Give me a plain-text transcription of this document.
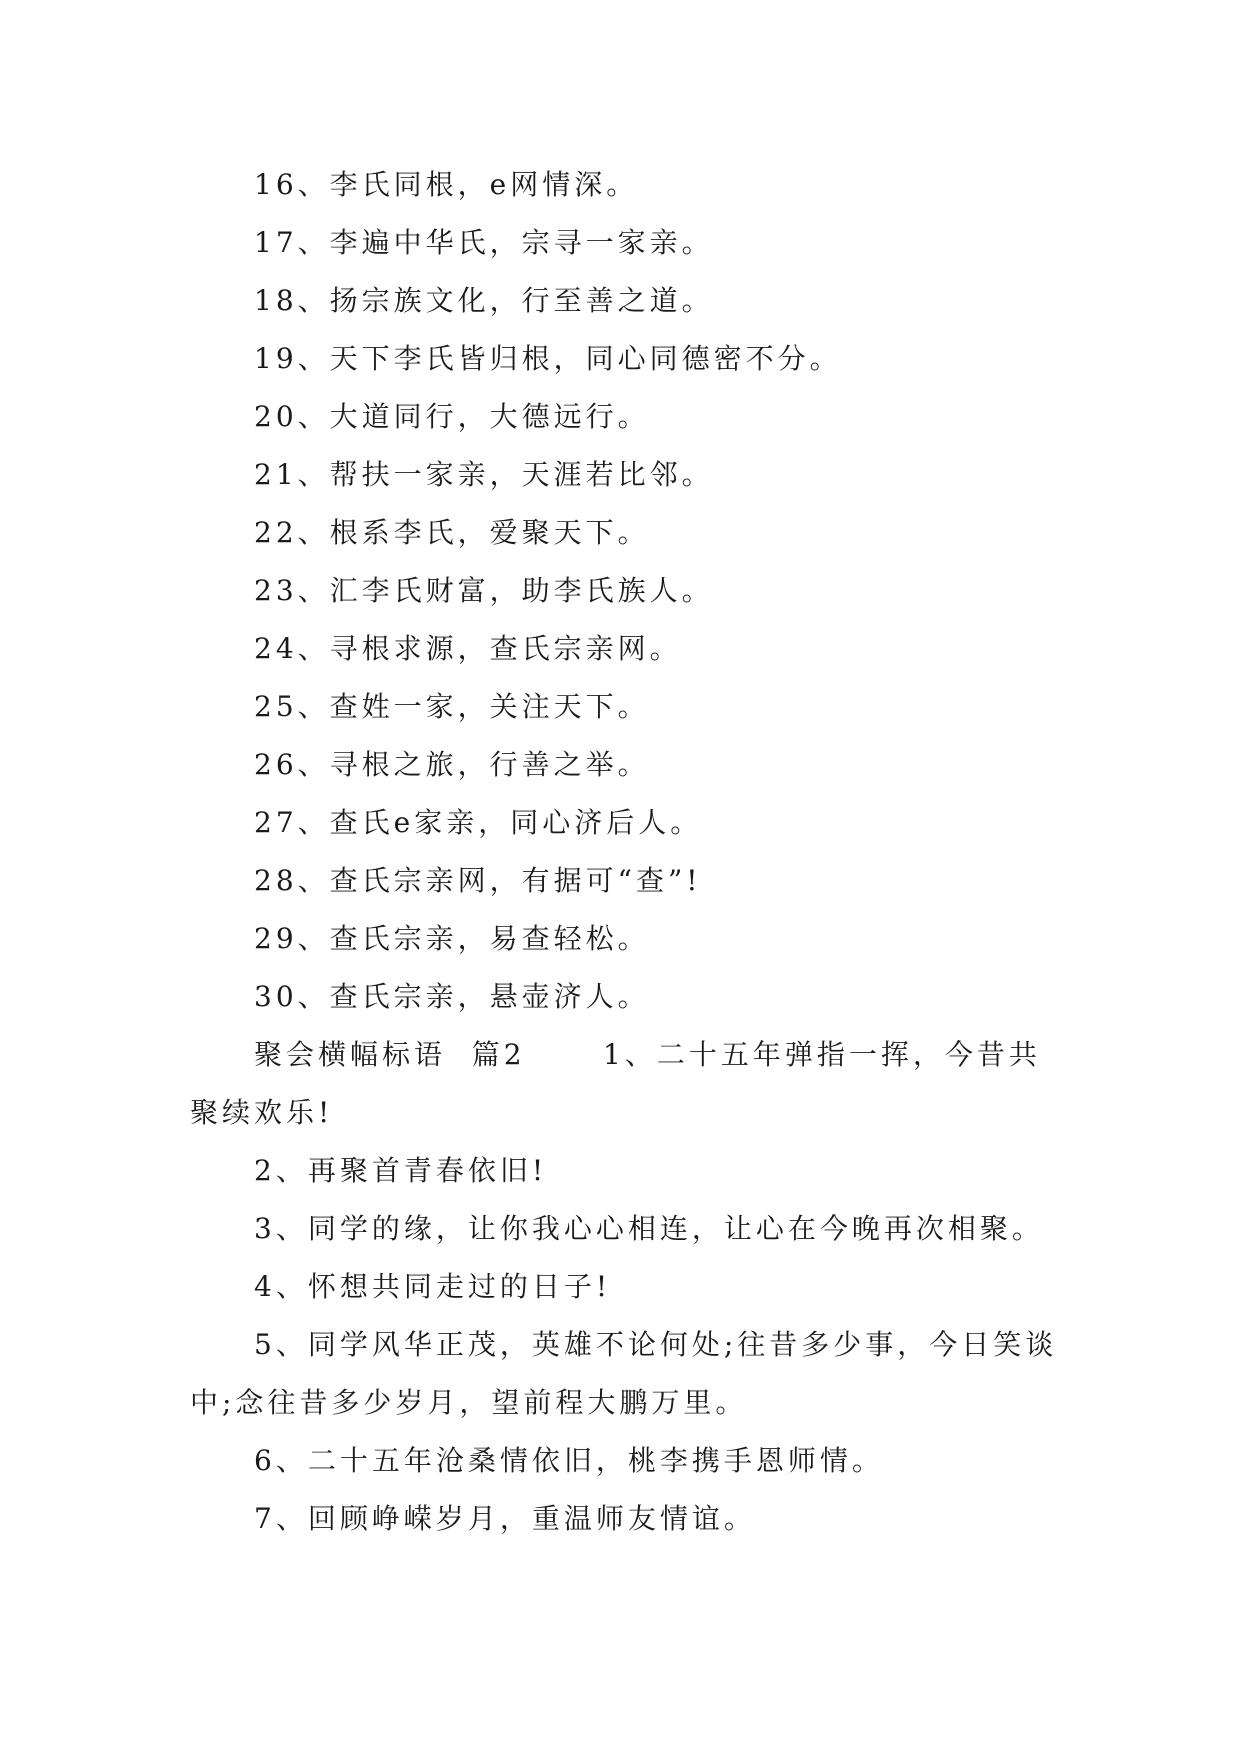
16、李氏同根，e网情深。
17、李遍中华氏，宗寻一家亲。
18、扬宗族文化，行至善之道。
19、天下李氏皆归根，同心同德密不分。
20、大道同行，大德远行。
21、帮扶一家亲，天涯若比邻。
22、根系李氏，爱聚天下。
23、汇李氏财富，助李氏族人。
24、寻根求源，查氏宗亲网。
25、查姓一家，关注天下。
26、寻根之旅，行善之举。
27、查氏e家亲，同心济后人。
28、查氏宗亲网，有据可“查”!
29、查氏宗亲，易查轻松。
30、查氏宗亲，悬壶济人。
聚会横幅标语  篇2      1、二十五年弹指一挥，今昔共聚续欢乐!
2、再聚首青春依旧!
3、同学的缘，让你我心心相连，让心在今晚再次相聚。
4、怀想共同走过的日子!
5、同学风华正茂，英雄不论何处;往昔多少事，今日笑谈中;念往昔多少岁月，望前程大鹏万里。
6、二十五年沧桑情依旧，桃李携手恩师情。
7、回顾峥嵘岁月，重温师友情谊。
